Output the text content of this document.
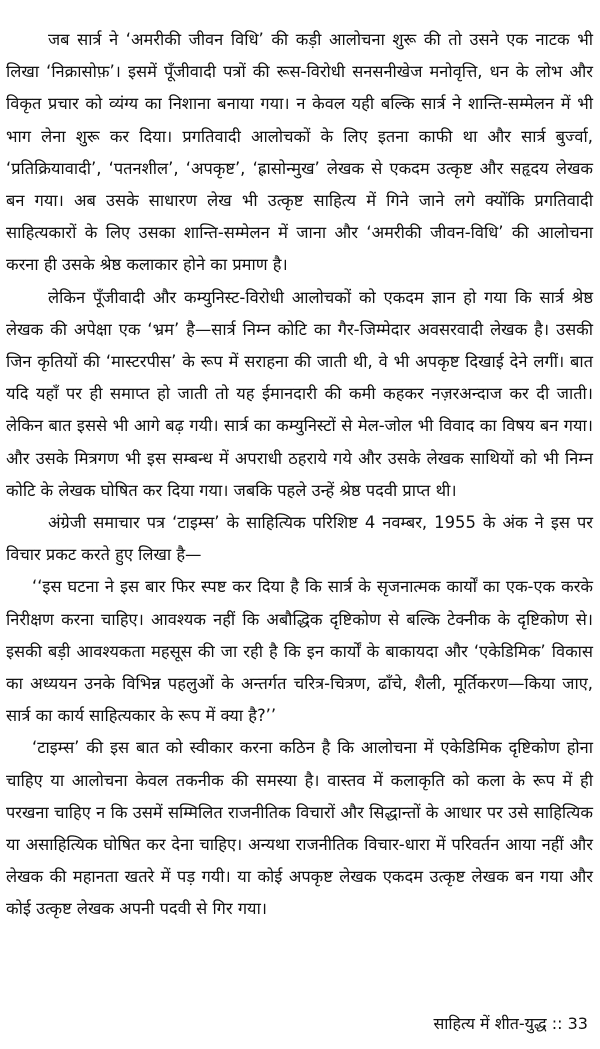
जब सार्त्र ने ‘अमरीकी जीवन विधि’ की कड़ी आलोचना शुरू की तो उसने एक नाटक भी लिखा ‘निक्रासोफ़’। इसमें पूँजीवादी पत्रों की रूस-विरोधी सनसनीखेज मनोवृत्ति, धन के लोभ और विकृत प्रचार को व्यंग्य का निशाना बनाया गया। न केवल यही बल्कि सार्त्र ने शान्ति-सम्मेलन में भी भाग लेना शुरू कर दिया। प्रगतिवादी आलोचकों के लिए इतना काफी था और सार्त्र बुर्ज्वा, ‘प्रतिक्रियावादी’, ‘पतनशील’, ‘अपकृष्ट’, ‘ह्रासोन्मुख’ लेखक से एकदम उत्कृष्ट और सहृदय लेखक बन गया। अब उसके साधारण लेख भी उत्कृष्ट साहित्य में गिने जाने लगे क्योंकि प्रगतिवादी साहित्यकारों के लिए उसका शान्ति-सम्मेलन में जाना और ‘अमरीकी जीवन-विधि’ की आलोचना करना ही उसके श्रेष्ठ कलाकार होने का प्रमाण है।

लेकिन पूँजीवादी और कम्युनिस्ट-विरोधी आलोचकों को एकदम ज्ञान हो गया कि सार्त्र श्रेष्ठ लेखक की अपेक्षा एक ‘भ्रम’ है—सार्त्र निम्न कोटि का गैर-जिम्मेदार अवसरवादी लेखक है। उसकी जिन कृतियों की ‘मास्टरपीस’ के रूप में सराहना की जाती थी, वे भी अपकृष्ट दिखाई देने लगीं। बात यदि यहाँ पर ही समाप्त हो जाती तो यह ईमानदारी की कमी कहकर नज़रअन्दाज कर दी जाती। लेकिन बात इससे भी आगे बढ़ गयी। सार्त्र का कम्युनिस्टों से मेल-जोल भी विवाद का विषय बन गया। और उसके मित्रगण भी इस सम्बन्ध में अपराधी ठहराये गये और उसके लेखक साथियों को भी निम्न कोटि के लेखक घोषित कर दिया गया। जबकि पहले उन्हें श्रेष्ठ पदवी प्राप्त थी।

अंग्रेजी समाचार पत्र ‘टाइम्स’ के साहित्यिक परिशिष्ट 4 नवम्बर, 1955 के अंक ने इस पर विचार प्रकट करते हुए लिखा है—

‘‘इस घटना ने इस बार फिर स्पष्ट कर दिया है कि सार्त्र के सृजनात्मक कार्यों का एक-एक करके निरीक्षण करना चाहिए। आवश्यक नहीं कि अबौद्धिक दृष्टिकोण से बल्कि टेक्नीक के दृष्टिकोण से। इसकी बड़ी आवश्यकता महसूस की जा रही है कि इन कार्यों के बाकायदा और ‘एकेडिमिक’ विकास का अध्ययन उनके विभिन्न पहलुओं के अन्तर्गत चरित्र-चित्रण, ढाँचे, शैली, मूर्तिकरण—किया जाए, सार्त्र का कार्य साहित्यकार के रूप में क्या है?’’

‘टाइम्स’ की इस बात को स्वीकार करना कठिन है कि आलोचना में एकेडिमिक दृष्टिकोण होना चाहिए या आलोचना केवल तकनीक की समस्या है। वास्तव में कलाकृति को कला के रूप में ही परखना चाहिए न कि उसमें सम्मिलित राजनीतिक विचारों और सिद्धान्तों के आधार पर उसे साहित्यिक या असाहित्यिक घोषित कर देना चाहिए। अन्यथा राजनीतिक विचार-धारा में परिवर्तन आया नहीं और लेखक की महानता खतरे में पड़ गयी। या कोई अपकृष्ट लेखक एकदम उत्कृष्ट लेखक बन गया और कोई उत्कृष्ट लेखक अपनी पदवी से गिर गया।

साहित्य में शीत-युद्ध :: 33
